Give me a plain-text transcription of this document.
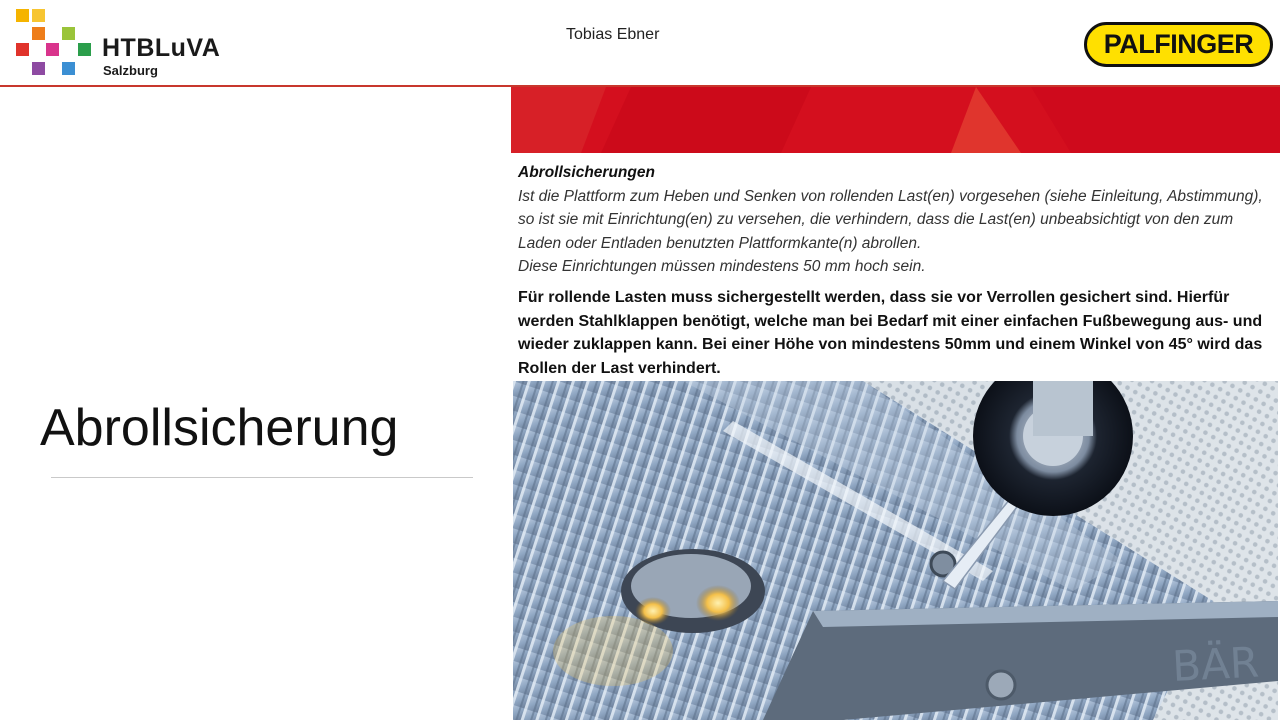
HTBLuVA
Salzburg
Tobias Ebner	PALFINGER
Abrollsicherung
Abrollsicherungen
Ist die Plattform zum Heben und Senken von rollenden Last(en) vorgesehen (siehe Einleitung, Abstimmung), so ist sie mit Einrichtung(en) zu versehen, die verhindern, dass die Last(en) unbeabsichtigt von den zum Laden oder Entladen benutzten Plattformkante(n) abrollen.
Diese Einrichtungen müssen mindestens 50 mm hoch sein.
Für rollende Lasten muss sichergestellt werden, dass sie vor Verrollen gesichert sind. Hierfür werden Stahlklappen benötigt, welche man bei Bedarf mit einer einfachen Fußbewegung aus- und wieder zuklappen kann. Bei einer Höhe von mindestens 50mm und einem Winkel von 45° wird das Rollen der Last verhindert.
BÄR
